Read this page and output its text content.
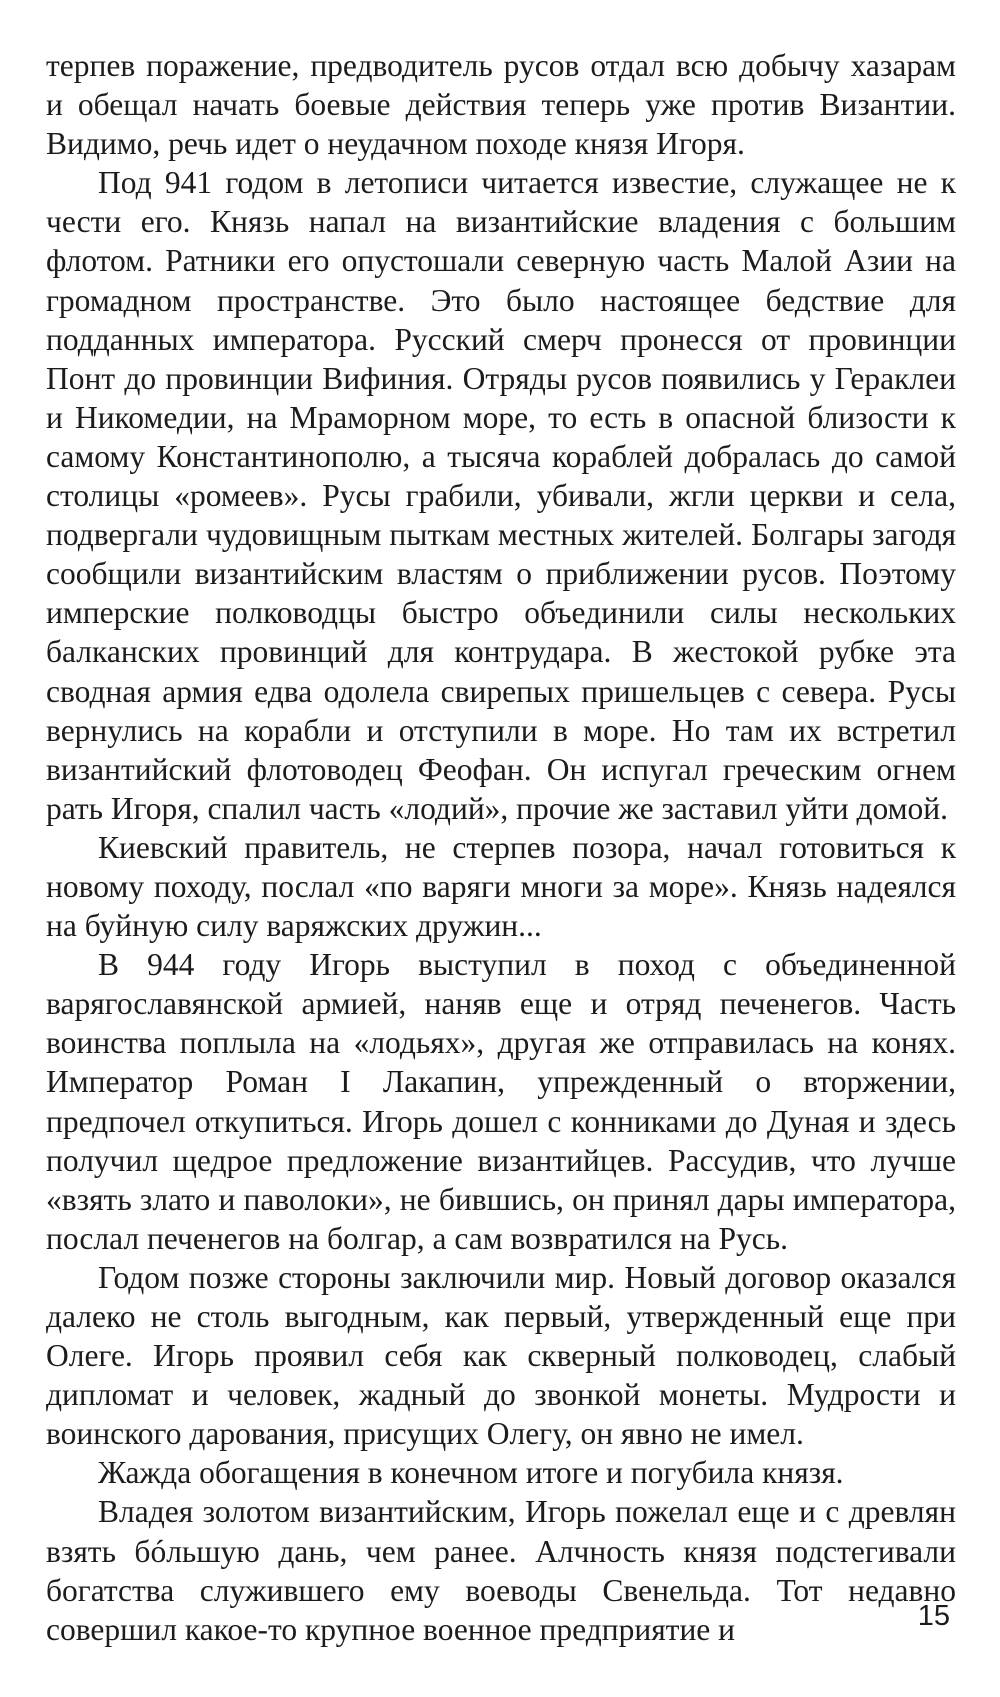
терпев поражение, предводитель русов отдал всю добычу хазарам и обещал начать боевые действия теперь уже против Византии. Видимо, речь идет о неудачном походе князя Игоря.

Под 941 годом в летописи читается известие, служащее не к чести его. Князь напал на византийские владения с большим флотом. Ратники его опустошали северную часть Малой Азии на громадном пространстве. Это было настоящее бедствие для подданных императора. Русский смерч пронесся от провинции Понт до провинции Вифиния. Отряды русов появились у Гераклеи и Никомедии, на Мраморном море, то есть в опасной близости к самому Константинополю, а тысяча кораблей добралась до самой столицы «ромеев». Русы грабили, убивали, жгли церкви и села, подвергали чудовищным пыткам местных жителей. Болгары загодя сообщили византийским властям о приближении русов. Поэтому имперские полководцы быстро объединили силы нескольких балканских провинций для контрудара. В жестокой рубке эта сводная армия едва одолела свирепых пришельцев с севера. Русы вернулись на корабли и отступили в море. Но там их встретил византийский флотоводец Феофан. Он испугал греческим огнем рать Игоря, спалил часть «лодий», прочие же заставил уйти домой.

Киевский правитель, не стерпев позора, начал готовиться к новому походу, послал «по варяги многи за море». Князь надеялся на буйную силу варяжских дружин...

В 944 году Игорь выступил в поход с объединенной варягославянской армией, наняв еще и отряд печенегов. Часть воинства поплыла на «лодьях», другая же отправилась на конях. Император Роман I Лакапин, упрежденный о вторжении, предпочел откупиться. Игорь дошел с конниками до Дуная и здесь получил щедрое предложение византийцев. Рассудив, что лучше «взять злато и паволоки», не бившись, он принял дары императора, послал печенегов на болгар, а сам возвратился на Русь.

Годом позже стороны заключили мир. Новый договор оказался далеко не столь выгодным, как первый, утвержденный еще при Олеге. Игорь проявил себя как скверный полководец, слабый дипломат и человек, жадный до звонкой монеты. Мудрости и воинского дарования, присущих Олегу, он явно не имел.

Жажда обогащения в конечном итоге и погубила князя.

Владея золотом византийским, Игорь пожелал еще и с древлян взять бóльшую дань, чем ранее. Алчность князя подстегивали богатства служившего ему воеводы Свенельда. Тот недавно совершил какое-то крупное военное предприятие и	15
